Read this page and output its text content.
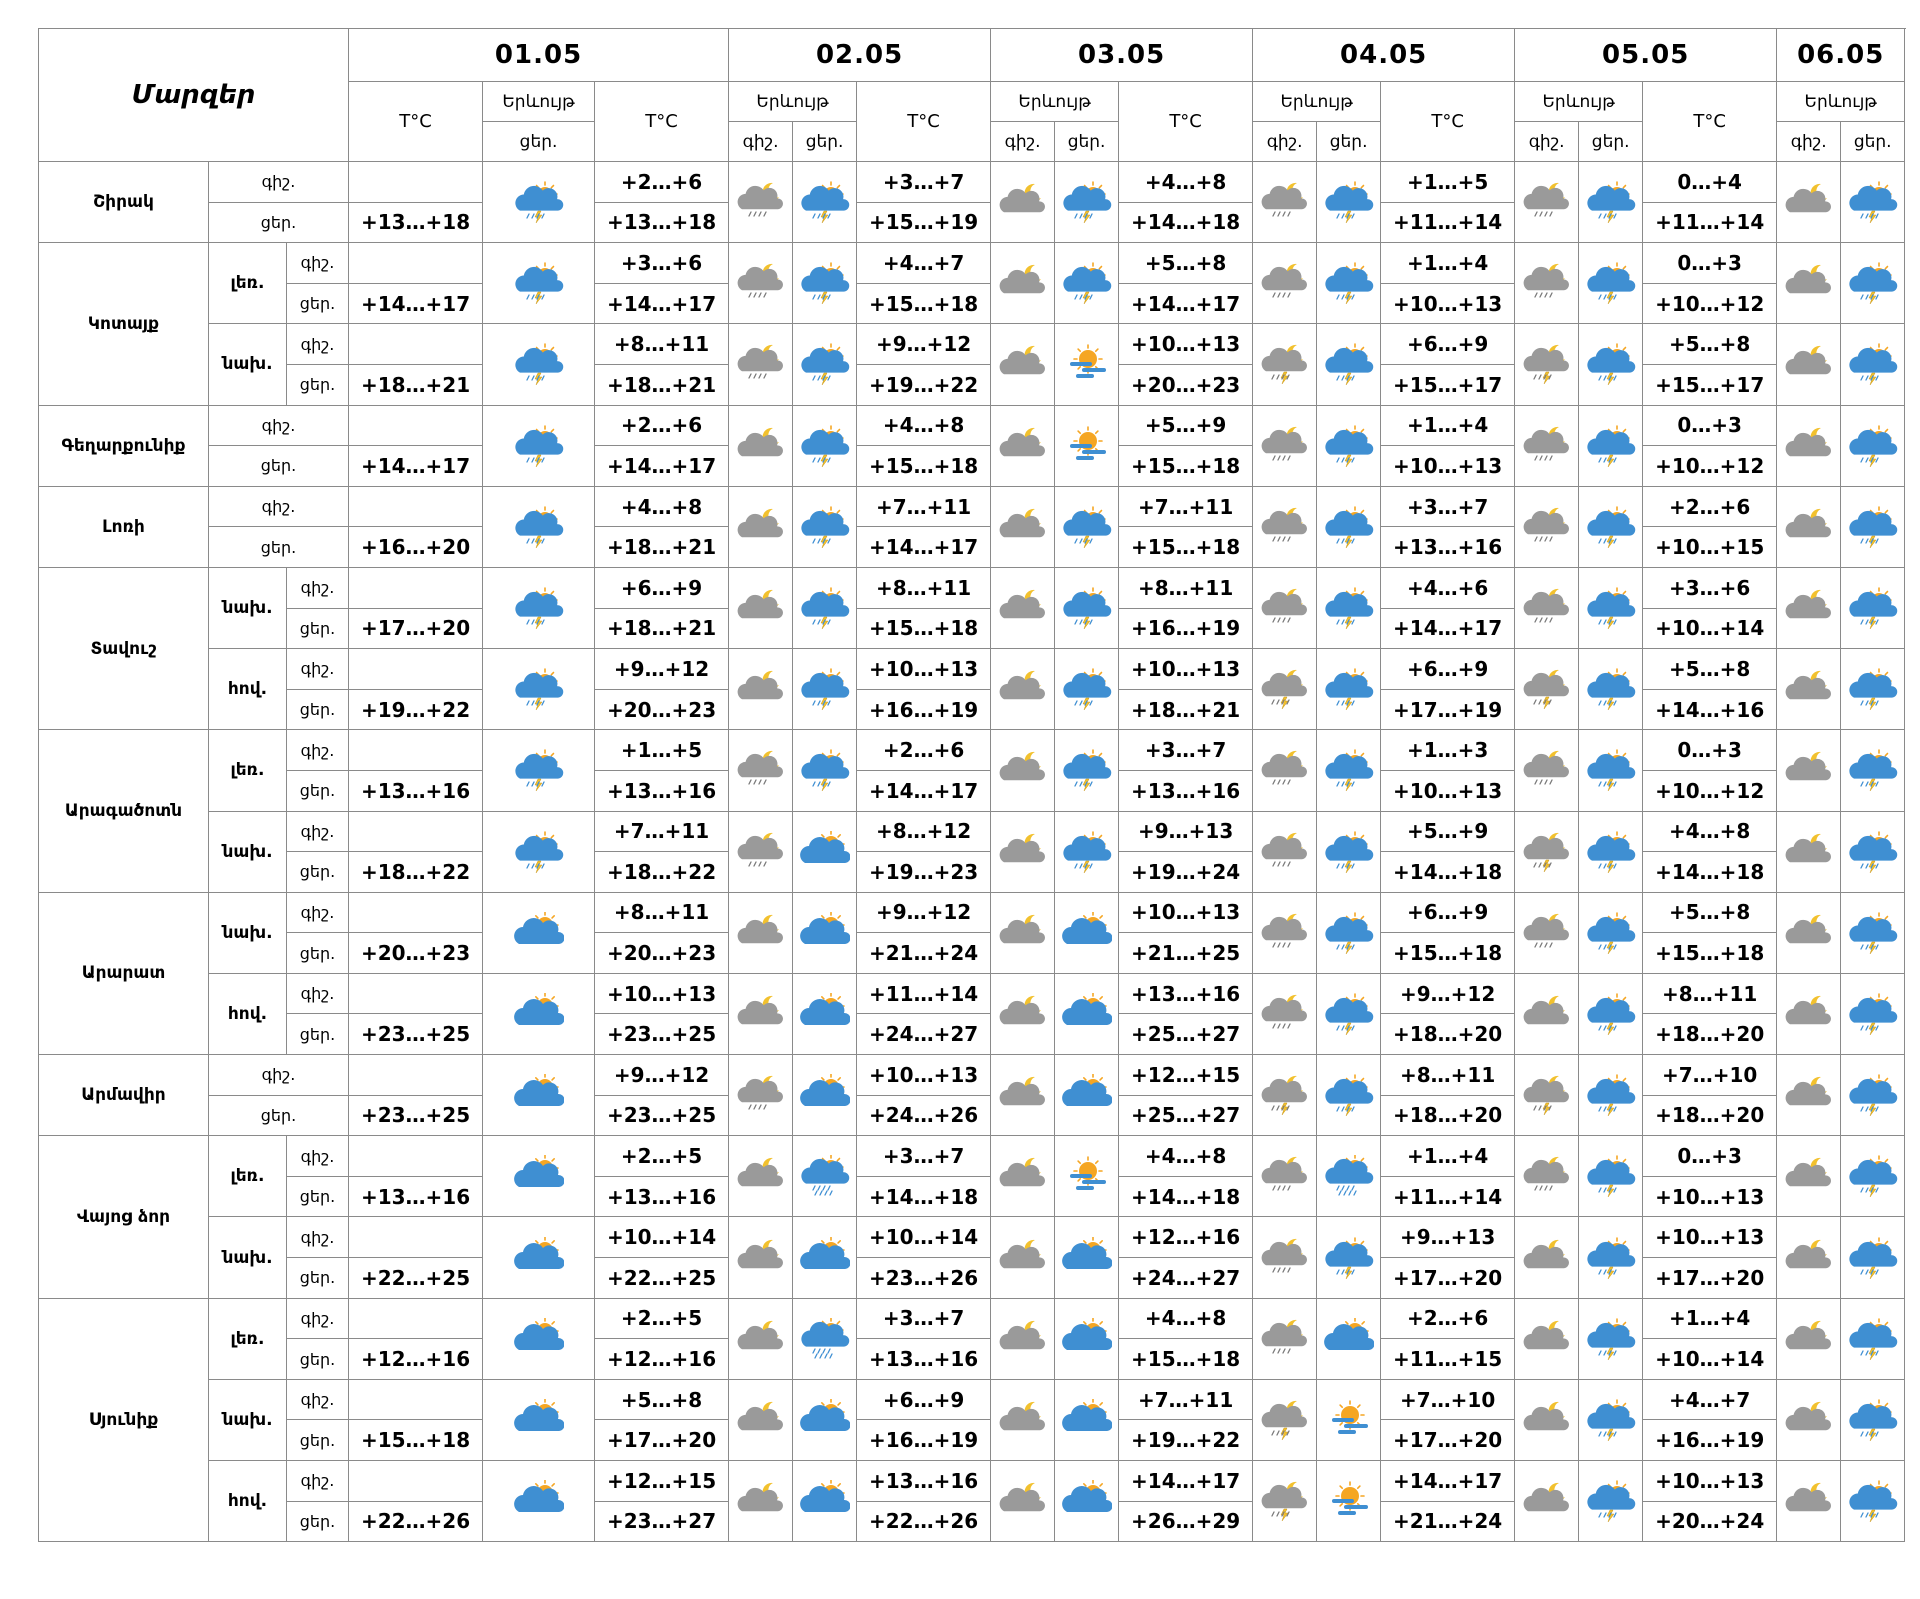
Մարզեր			01.05			02.05			03.05			04.05			05.05			06.05	
			T°C	Երևույթ	T°C	Երևույթ		T°C	Երևույթ		T°C	Երևույթ		T°C	Երևույթ		T°C	Երևույթ	
				ցեր.		գիշ.	ցեր.		գիշ.	ցեր.		գիշ.	ցեր.		գիշ.	ցեր.		գիշ.	ցեր.
Շիրակ	գիշ.				+2…+6			+3…+7			+4…+8			+1…+5			0…+4	

	ցեր.		+13…+18		+13…+18			+15…+19			+14…+18			+11…+14			+11…+14		
Կոտայք	լեռ.	գիշ.			+3…+6			+4…+7			+5…+8			+1…+4			0…+3	

		ցեր.	+14…+17		+14…+17			+15…+18			+14…+17			+10…+13			+10…+12		
	նախ.	գիշ.			+8…+11			+9…+12			+10…+13			+6…+9			+5…+8	

		ցեր.	+18…+21		+18…+21			+19…+22			+20…+23			+15…+17			+15…+17		
Գեղարքունիք	գիշ.				+2…+6			+4…+8			+5…+9			+1…+4			0…+3	

	ցեր.		+14…+17		+14…+17			+15…+18			+15…+18			+10…+13			+10…+12		
Լոռի	գիշ.				+4…+8			+7…+11			+7…+11			+3…+7			+2…+6	

	ցեր.		+16…+20		+18…+21			+14…+17			+15…+18			+13…+16			+10…+15		
Տավուշ	նախ.	գիշ.			+6…+9			+8…+11			+8…+11			+4…+6			+3…+6	

		ցեր.	+17…+20		+18…+21			+15…+18			+16…+19			+14…+17			+10…+14		
	հով.	գիշ.			+9…+12			+10…+13			+10…+13			+6…+9			+5…+8	

		ցեր.	+19…+22		+20…+23			+16…+19			+18…+21			+17…+19			+14…+16		
Արագածոտն	լեռ.	գիշ.			+1…+5			+2…+6			+3…+7			+1…+3			0…+3	

		ցեր.	+13…+16		+13…+16			+14…+17			+13…+16			+10…+13			+10…+12		
	նախ.	գիշ.			+7…+11			+8…+12			+9…+13			+5…+9			+4…+8	

		ցեր.	+18…+22		+18…+22			+19…+23			+19…+24			+14…+18			+14…+18		
Արարատ	նախ.	գիշ.			+8…+11			+9…+12			+10…+13			+6…+9			+5…+8	

		ցեր.	+20…+23		+20…+23			+21…+24			+21…+25			+15…+18			+15…+18		
	հով.	գիշ.			+10…+13			+11…+14			+13…+16			+9…+12			+8…+11	

		ցեր.	+23…+25		+23…+25			+24…+27			+25…+27			+18…+20			+18…+20		
Արմավիր	գիշ.				+9…+12			+10…+13			+12…+15			+8…+11			+7…+10	

	ցեր.		+23…+25		+23…+25			+24…+26			+25…+27			+18…+20			+18…+20		
Վայոց ձոր	լեռ.	գիշ.			+2…+5			+3…+7			+4…+8			+1…+4			0…+3	

		ցեր.	+13…+16		+13…+16			+14…+18			+14…+18			+11…+14			+10…+13		
	նախ.	գիշ.			+10…+14			+10…+14			+12…+16			+9…+13			+10…+13	

		ցեր.	+22…+25		+22…+25			+23…+26			+24…+27			+17…+20			+17…+20		
Սյունիք	լեռ.	գիշ.			+2…+5			+3…+7			+4…+8			+2…+6			+1…+4	

		ցեր.	+12…+16		+12…+16			+13…+16			+15…+18			+11…+15			+10…+14		
	նախ.	գիշ.			+5…+8			+6…+9			+7…+11			+7…+10			+4…+7	

		ցեր.	+15…+18		+17…+20			+16…+19			+19…+22			+17…+20			+16…+19		
	հով.	գիշ.			+12…+15			+13…+16			+14…+17			+14…+17			+10…+13	

		ցեր.	+22…+26		+23…+27			+22…+26			+26…+29			+21…+24			+20…+24		
